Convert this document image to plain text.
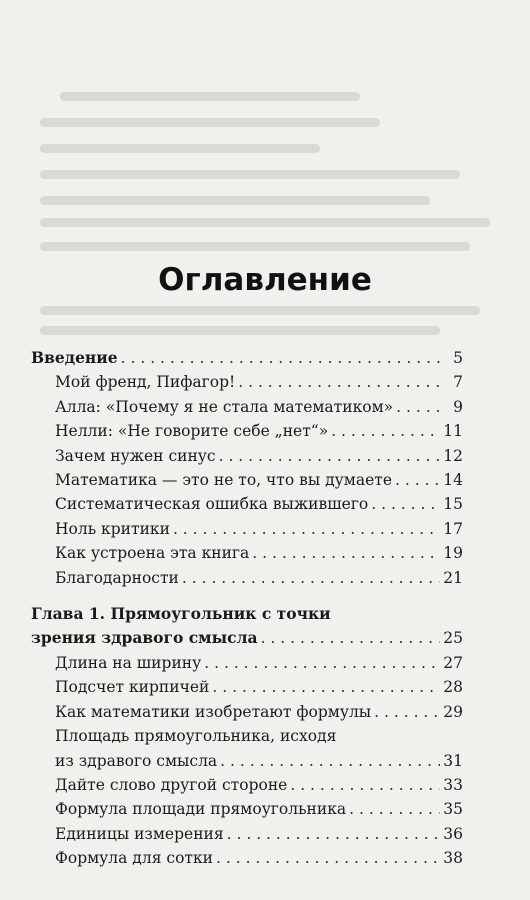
Оглавление
Введение . . .	5
Мой френд, Пифагор! . . .	7
Алла: «Почему я не стала математиком» . . .	9
Нелли: «Не говорите себе „нет“» . . .	11
Зачем нужен синус . . .	12
Математика — это не то, что вы думаете . . .	14
Систематическая ошибка выжившего . . .	15
Ноль критики . . .	17
Как устроена эта книга . . .	19
Благодарности . . .	21
Глава 1. Прямоугольник с точки
зрения здравого смысла . . .	25
Длина на ширину . . .	27
Подсчет кирпичей . . .	28
Как математики изобретают формулы . . .	29
Площадь прямоугольника, исходя
из здравого смысла . . .	31
Дайте слово другой стороне . . .	33
Формула площади прямоугольника . . .	35
Единицы измерения . . .	36
Формула для сотки . . .	38
